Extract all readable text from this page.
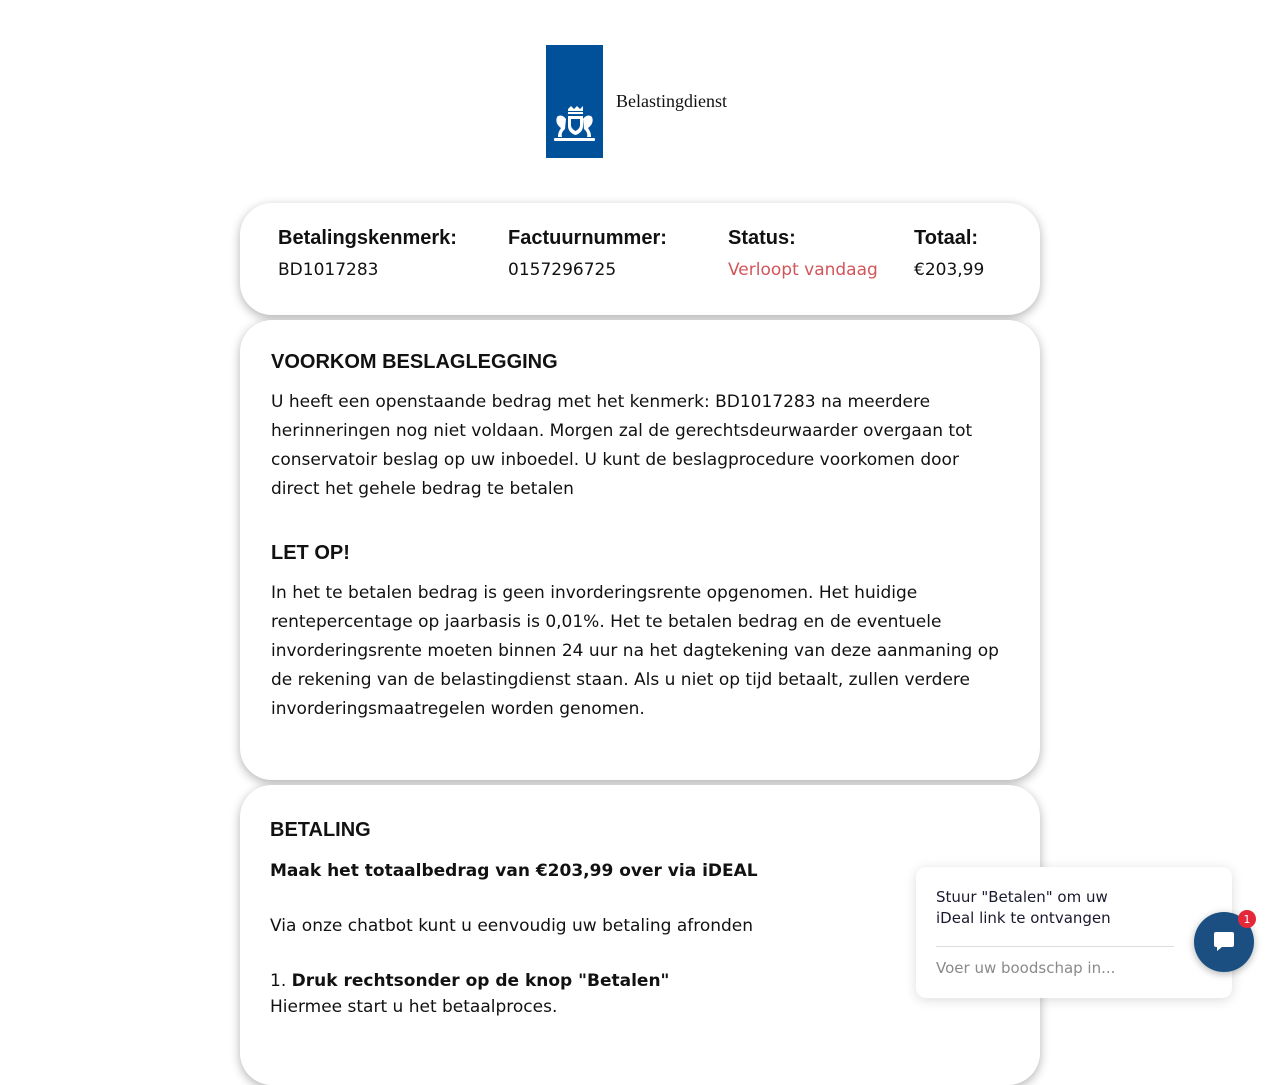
Belastingdienst
Betalingskenmerk:
BD1017283
Factuurnummer:
0157296725
Status:
Verloopt vandaag
Totaal:
€203,99
VOORKOM BESLAGLEGGING

U heeft een openstaande bedrag met het kenmerk: BD1017283 na meerdere herinneringen nog niet voldaan. Morgen zal de gerechtsdeurwaarder overgaan tot conservatoir beslag op uw inboedel. U kunt de beslagprocedure voorkomen door direct het gehele bedrag te betalen

LET OP!

In het te betalen bedrag is geen invorderingsrente opgenomen. Het huidige rentepercentage op jaarbasis is 0,01%. Het te betalen bedrag en de eventuele invorderingsrente moeten binnen 24 uur na het dagtekening van deze aanmaning op de rekening van de belastingdienst staan. Als u niet op tijd betaalt, zullen verdere invorderingsmaatregelen worden genomen.

BETALING

Maak het totaalbedrag van €203,99 over via iDEAL

Via onze chatbot kunt u eenvoudig uw betaling afronden

1. Druk rechtsonder op de knop "Betalen"

Hiermee start u het betaalproces.

Stuur "Betalen" om uw iDeal link te ontvangen
Voer uw boodschap in...	1
